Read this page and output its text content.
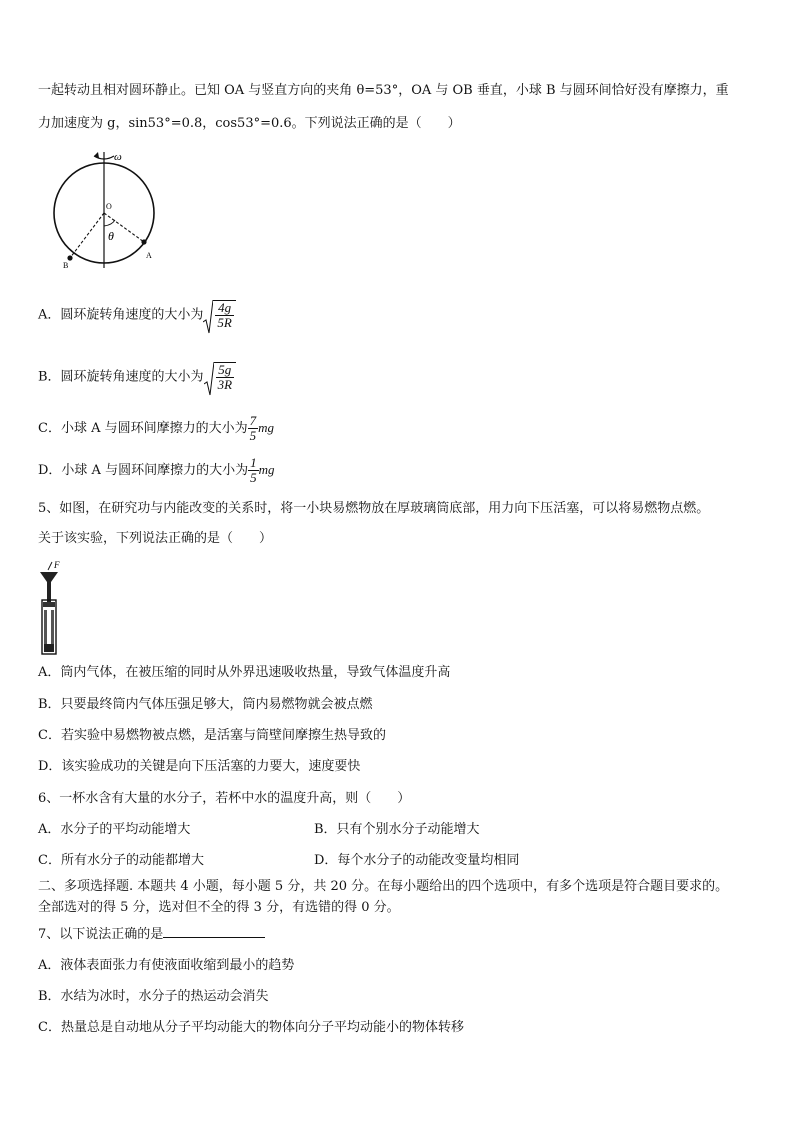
一起转动且相对圆环静止。已知 OA 与竖直方向的夹角 θ=53°，OA 与 OB 垂直，小球 B 与圆环间恰好没有摩擦力，重
力加速度为 g，sin53°=0.8，cos53°=0.6。下列说法正确的是（　　）
ω
O
θ
A
B
A．圆环旋转角速度的大小为 $\frac{4g}{5R}$
B．圆环旋转角速度的大小为 $\frac{5g}{3R}$
C．小球 A 与圆环间摩擦力的大小为 $\frac{7}{5}$ mg
D．小球 A 与圆环间摩擦力的大小为 $\frac{1}{5}$ mg
5、如图，在研究功与内能改变的关系时，将一小块易燃物放在厚玻璃筒底部，用力向下压活塞，可以将易燃物点燃。
关于该实验，下列说法正确的是（　　）
F
A．筒内气体，在被压缩的同时从外界迅速吸收热量，导致气体温度升高
B．只要最终筒内气体压强足够大，筒内易燃物就会被点燃
C．若实验中易燃物被点燃，是活塞与筒壁间摩擦生热导致的
D．该实验成功的关键是向下压活塞的力要大，速度要快
6、一杯水含有大量的水分子，若杯中水的温度升高，则（　　）
A．水分子的平均动能增大	B．只有个别水分子动能增大
C．所有水分子的动能都增大	D．每个水分子的动能改变量均相同
二、多项选择题. 本题共 4 小题，每小题 5 分，共 20 分。在每小题给出的四个选项中，有多个选项是符合题目要求的。
全部选对的得 5 分，选对但不全的得 3 分，有选错的得 0 分。
7、以下说法正确的是
A．液体表面张力有使液面收缩到最小的趋势
B．水结为冰时，水分子的热运动会消失
C．热量总是自动地从分子平均动能大的物体向分子平均动能小的物体转移
